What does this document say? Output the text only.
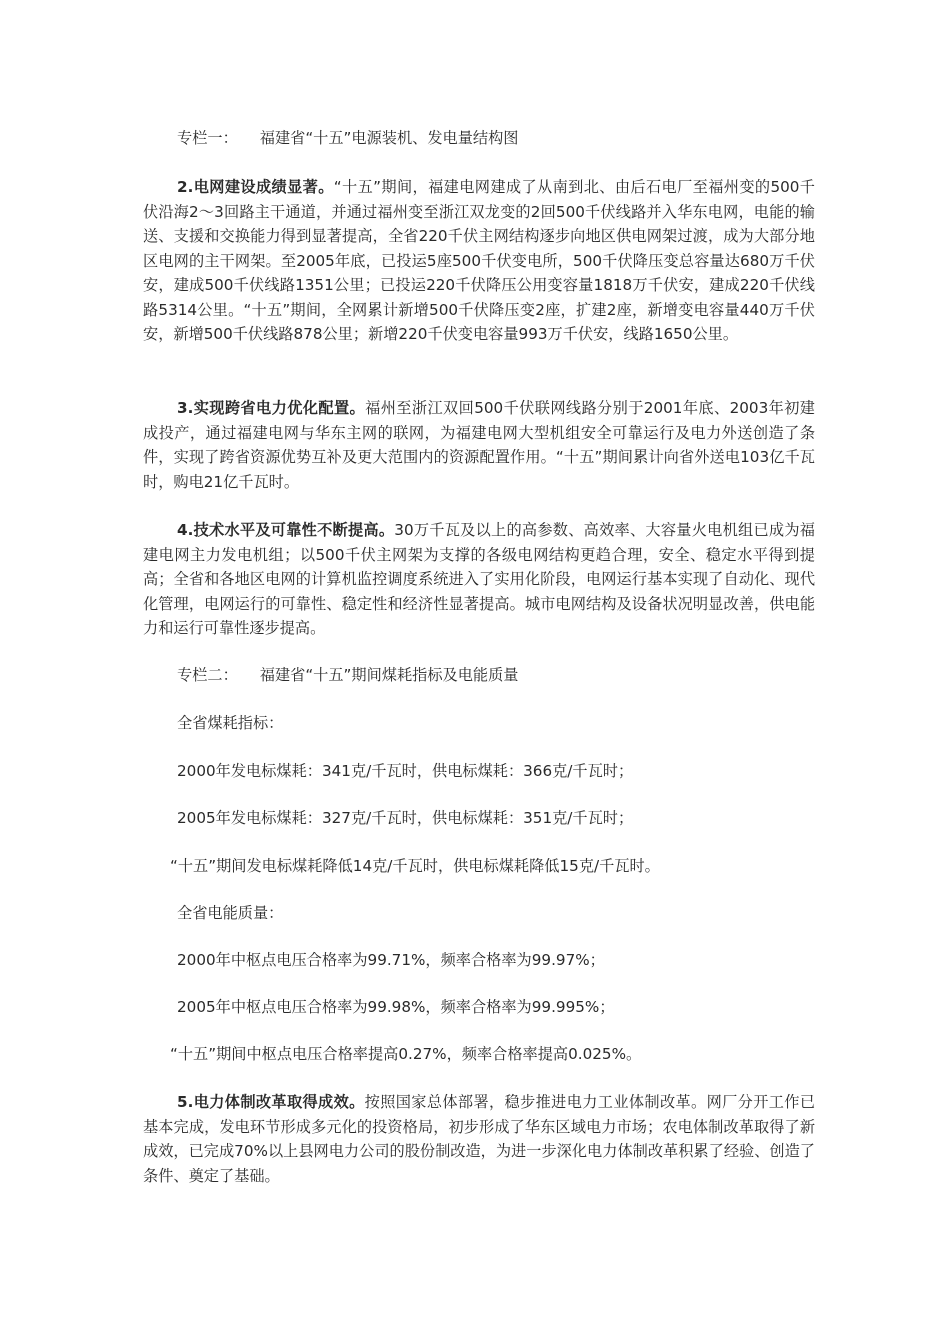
专栏一： 福建省“十五”电源装机、发电量结构图

2.电网建设成绩显著。“十五”期间，福建电网建成了从南到北、由后石电厂至福州变的500千伏沿海2～3回路主干通道，并通过福州变至浙江双龙变的2回500千伏线路并入华东电网，电能的输送、支援和交换能力得到显著提高，全省220千伏主网结构逐步向地区供电网架过渡，成为大部分地区电网的主干网架。至2005年底，已投运5座500千伏变电所，500千伏降压变总容量达680万千伏安，建成500千伏线路1351公里；已投运220千伏降压公用变容量1818万千伏安，建成220千伏线路5314公里。“十五”期间，全网累计新增500千伏降压变2座，扩建2座，新增变电容量440万千伏安，新增500千伏线路878公里；新增220千伏变电容量993万千伏安，线路1650公里。

3.实现跨省电力优化配置。福州至浙江双回500千伏联网线路分别于2001年底、2003年初建成投产，通过福建电网与华东主网的联网，为福建电网大型机组安全可靠运行及电力外送创造了条件，实现了跨省资源优势互补及更大范围内的资源配置作用。“十五”期间累计向省外送电103亿千瓦时，购电21亿千瓦时。

4.技术水平及可靠性不断提高。30万千瓦及以上的高参数、高效率、大容量火电机组已成为福建电网主力发电机组；以500千伏主网架为支撑的各级电网结构更趋合理，安全、稳定水平得到提高；全省和各地区电网的计算机监控调度系统进入了实用化阶段，电网运行基本实现了自动化、现代化管理，电网运行的可靠性、稳定性和经济性显著提高。城市电网结构及设备状况明显改善，供电能力和运行可靠性逐步提高。

专栏二： 福建省“十五”期间煤耗指标及电能质量

全省煤耗指标：

2000年发电标煤耗：341克/千瓦时，供电标煤耗：366克/千瓦时；

2005年发电标煤耗：327克/千瓦时，供电标煤耗：351克/千瓦时；

“十五”期间发电标煤耗降低14克/千瓦时，供电标煤耗降低15克/千瓦时。

全省电能质量：

2000年中枢点电压合格率为99.71%，频率合格率为99.97%；

2005年中枢点电压合格率为99.98%，频率合格率为99.995%；

“十五”期间中枢点电压合格率提高0.27%，频率合格率提高0.025%。

5.电力体制改革取得成效。按照国家总体部署，稳步推进电力工业体制改革。网厂分开工作已基本完成，发电环节形成多元化的投资格局，初步形成了华东区域电力市场；农电体制改革取得了新成效，已完成70%以上县网电力公司的股份制改造，为进一步深化电力体制改革积累了经验、创造了条件、奠定了基础。
